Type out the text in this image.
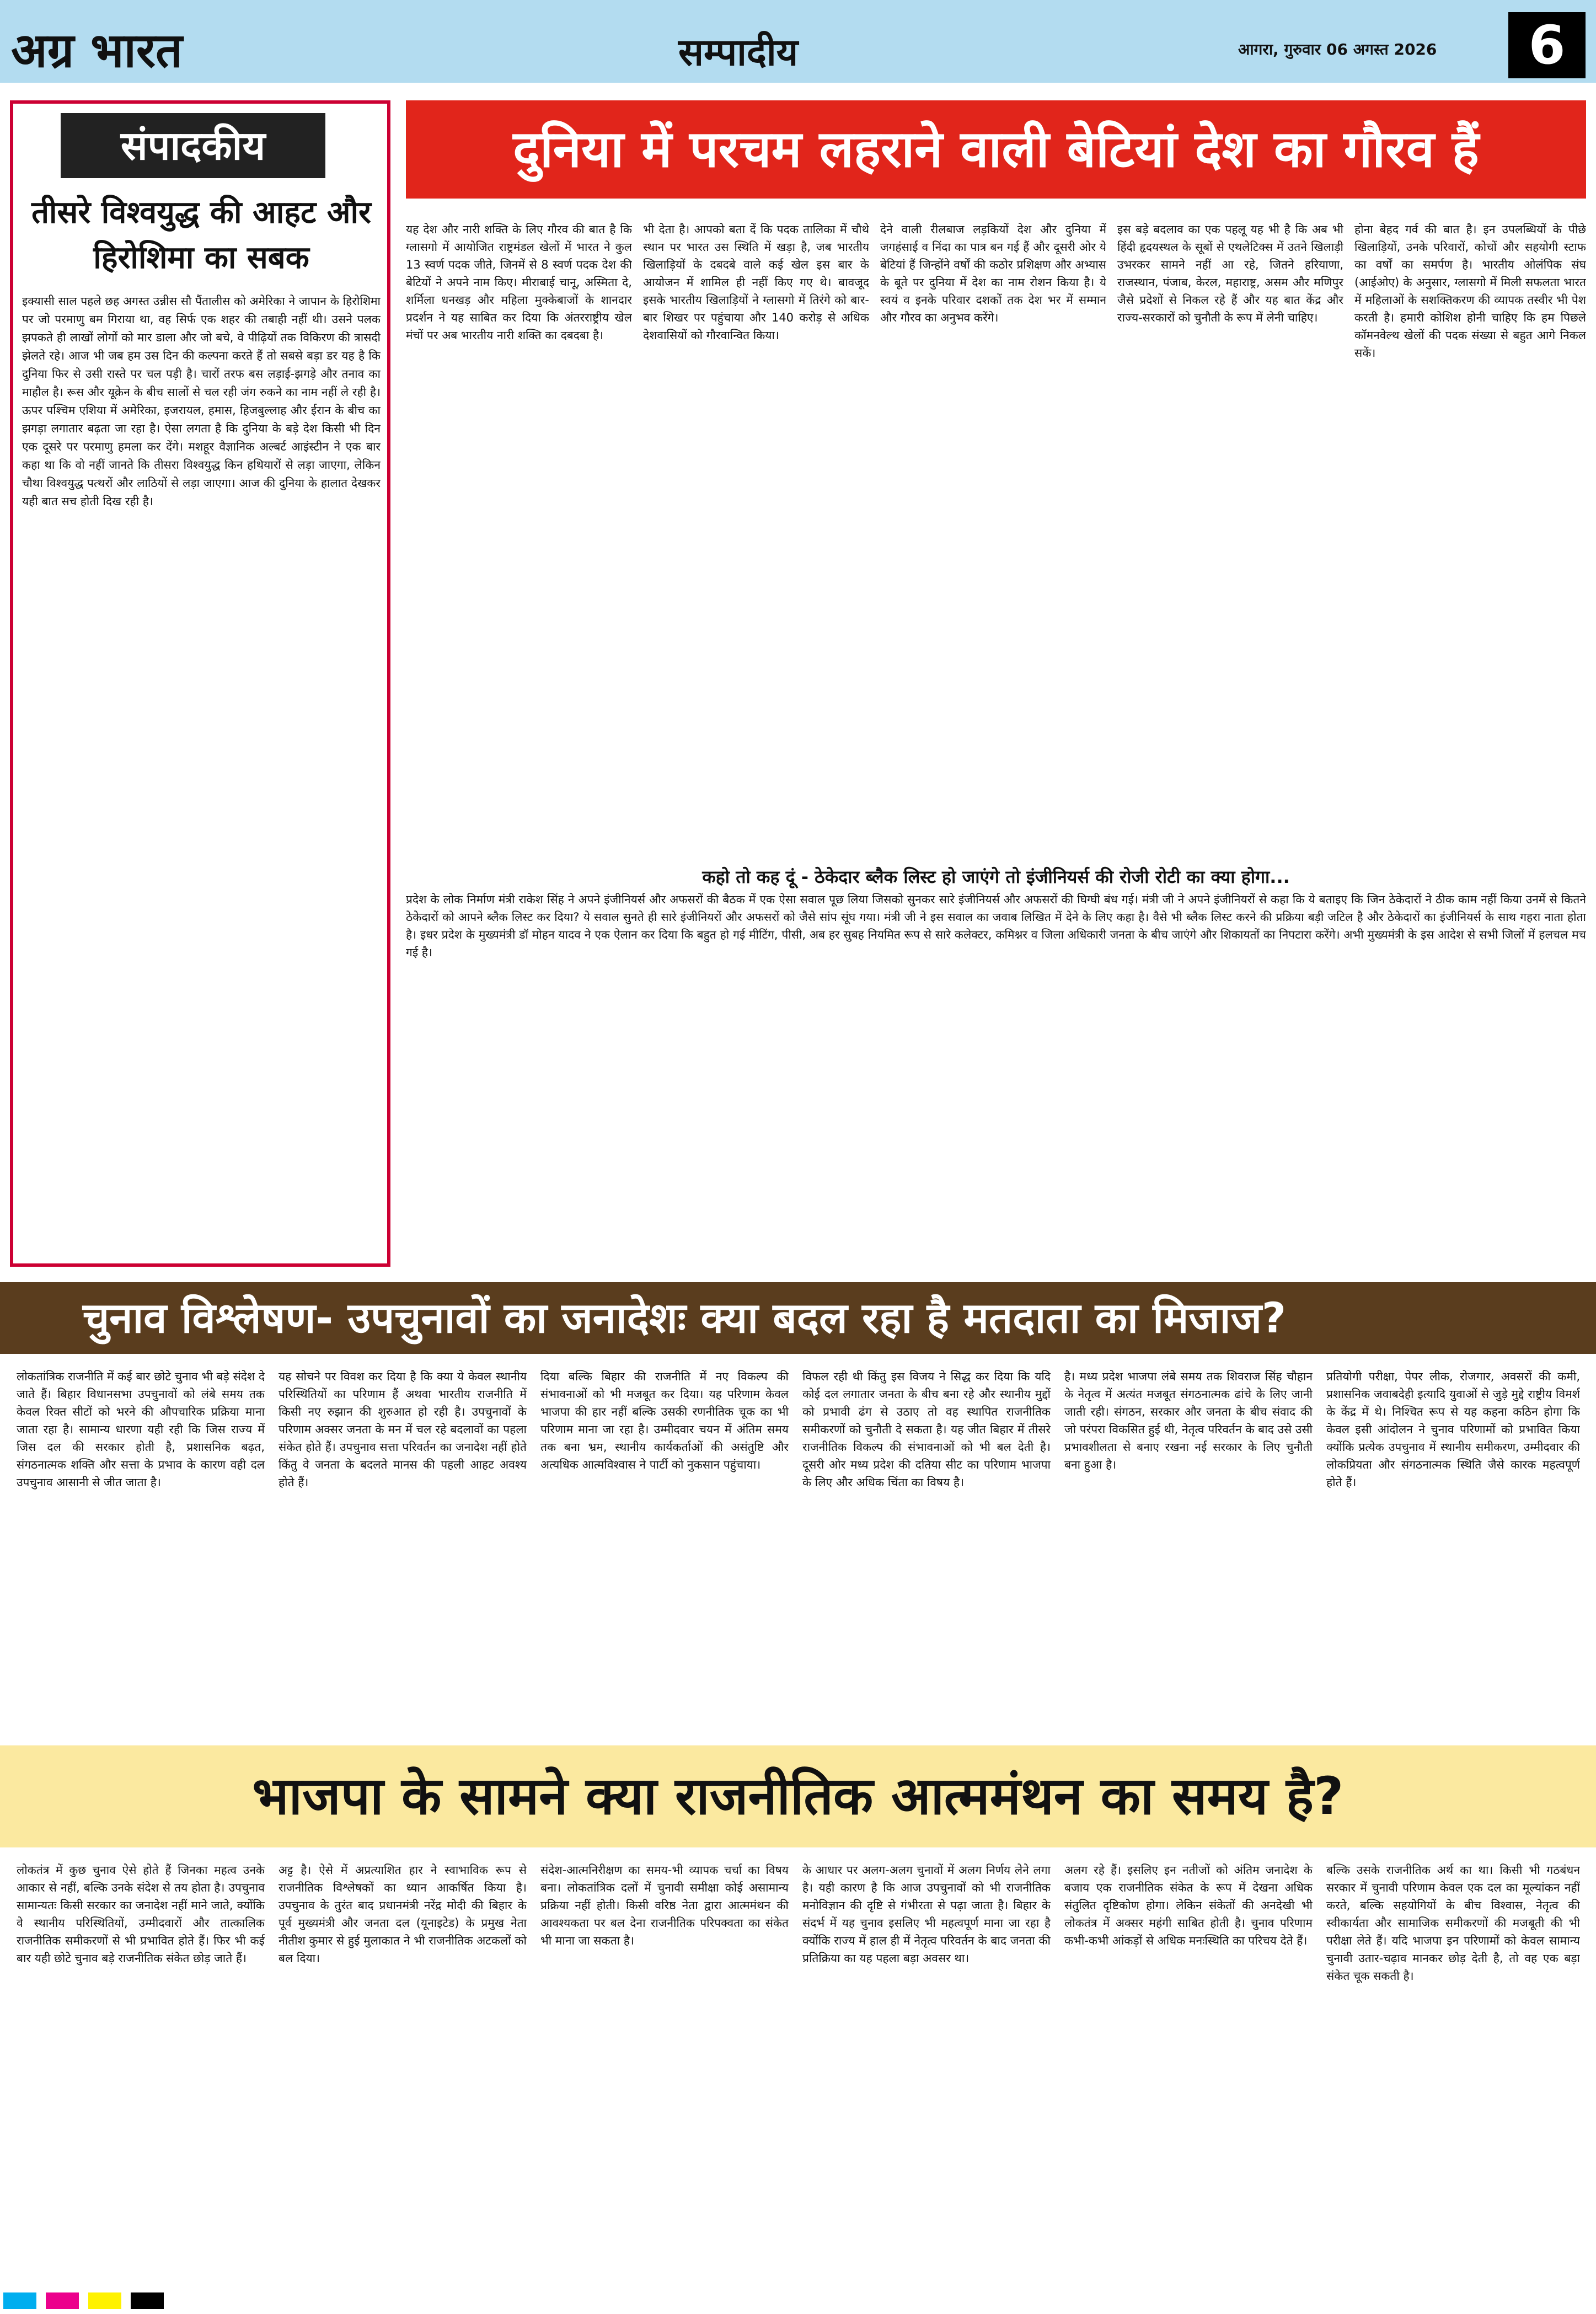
अग्र भारत	सम्पादीय	आगरा, गुरुवार 06 अगस्त 2026	6
संपादकीय
तीसरे विश्वयुद्ध की आहट और हिरोशिमा का सबक
इक्यासी साल पहले छह अगस्त उन्नीस सौ पैंतालीस को अमेरिका ने जापान के हिरोशिमा पर जो परमाणु बम गिराया था, वह सिर्फ एक शहर की तबाही नहीं थी। उसने पलक झपकते ही लाखों लोगों को मार डाला और जो बचे, वे पीढ़ियों तक विकिरण की त्रासदी झेलते रहे। आज भी जब हम उस दिन की कल्पना करते हैं तो सबसे बड़ा डर यह है कि दुनिया फिर से उसी रास्ते पर चल पड़ी है। चारों तरफ बस लड़ाई-झगड़े और तनाव का माहौल है। रूस और यूक्रेन के बीच सालों से चल रही जंग रुकने का नाम नहीं ले रही है। ऊपर पश्चिम एशिया में अमेरिका, इजरायल, हमास, हिजबुल्लाह और ईरान के बीच का झगड़ा लगातार बढ़ता जा रहा है। ऐसा लगता है कि दुनिया के बड़े देश किसी भी दिन एक दूसरे पर परमाणु हमला कर देंगे। मशहूर वैज्ञानिक अल्बर्ट आइंस्टीन ने एक बार कहा था कि वो नहीं जानते कि तीसरा विश्वयुद्ध किन हथियारों से लड़ा जाएगा, लेकिन चौथा विश्वयुद्ध पत्थरों और लाठियों से लड़ा जाएगा। आज की दुनिया के हालात देखकर यही बात सच होती दिख रही है।
दुनिया में परचम लहराने वाली बेटियां देश का गौरव हैं
यह देश और नारी शक्ति के लिए गौरव की बात है कि ग्लासगो में आयोजित राष्ट्रमंडल खेलों में भारत ने कुल 13 स्वर्ण पदक जीते, जिनमें से 8 स्वर्ण पदक देश की बेटियों ने अपने नाम किए। मीराबाई चानू, अस्मिता दे, शर्मिला धनखड़ और महिला मुक्केबाजों के शानदार प्रदर्शन ने यह साबित कर दिया कि अंतरराष्ट्रीय खेल मंचों पर अब भारतीय नारी शक्ति का दबदबा है।
भी देता है। आपको बता दें कि पदक तालिका में चौथे स्थान पर भारत उस स्थिति में खड़ा है, जब भारतीय खिलाड़ियों के दबदबे वाले कई खेल इस बार के आयोजन में शामिल ही नहीं किए गए थे। बावजूद इसके भारतीय खिलाड़ियों ने ग्लासगो में तिरंगे को बार-बार शिखर पर पहुंचाया और 140 करोड़ से अधिक देशवासियों को गौरवान्वित किया।
देने वाली रीलबाज लड़कियों देश और दुनिया में जगहंसाई व निंदा का पात्र बन गई हैं और दूसरी ओर ये बेटियां हैं जिन्होंने वर्षों की कठोर प्रशिक्षण और अभ्यास के बूते पर दुनिया में देश का नाम रोशन किया है। ये स्वयं व इनके परिवार दशकों तक देश भर में सम्मान और गौरव का अनुभव करेंगे।
इस बड़े बदलाव का एक पहलू यह भी है कि अब भी हिंदी हृदयस्थल के सूबों से एथलेटिक्स में उतने खिलाड़ी उभरकर सामने नहीं आ रहे, जितने हरियाणा, राजस्थान, पंजाब, केरल, महाराष्ट्र, असम और मणिपुर जैसे प्रदेशों से निकल रहे हैं और यह बात केंद्र और राज्य-सरकारों को चुनौती के रूप में लेनी चाहिए।
होना बेहद गर्व की बात है। इन उपलब्धियों के पीछे खिलाड़ियों, उनके परिवारों, कोचों और सहयोगी स्टाफ का वर्षों का समर्पण है। भारतीय ओलंपिक संघ (आईओए) के अनुसार, ग्लासगो में मिली सफलता भारत में महिलाओं के सशक्तिकरण की व्यापक तस्वीर भी पेश करती है। हमारी कोशिश होनी चाहिए कि हम पिछले कॉमनवेल्थ खेलों की पदक संख्या से बहुत आगे निकल सकें।
कहो तो कह दूं - ठेकेदार ब्लैक लिस्ट हो जाएंगे तो इंजीनियर्स की रोजी रोटी का क्या होगा...
प्रदेश के लोक निर्माण मंत्री राकेश सिंह ने अपने इंजीनियर्स और अफसरों की बैठक में एक ऐसा सवाल पूछ लिया जिसको सुनकर सारे इंजीनियर्स और अफसरों की घिग्घी बंध गई। मंत्री जी ने अपने इंजीनियरों से कहा कि ये बताइए कि जिन ठेकेदारों ने ठीक काम नहीं किया उनमें से कितने ठेकेदारों को आपने ब्लैक लिस्ट कर दिया? ये सवाल सुनते ही सारे इंजीनियरों और अफसरों को जैसे सांप सूंघ गया। मंत्री जी ने इस सवाल का जवाब लिखित में देने के लिए कहा है। वैसे भी ब्लैक लिस्ट करने की प्रक्रिया बड़ी जटिल है और ठेकेदारों का इंजीनियर्स के साथ गहरा नाता होता है। इधर प्रदेश के मुख्यमंत्री डॉ मोहन यादव ने एक ऐलान कर दिया कि बहुत हो गई मीटिंग, पीसी, अब हर सुबह नियमित रूप से सारे कलेक्टर, कमिश्नर व जिला अधिकारी जनता के बीच जाएंगे और शिकायतों का निपटारा करेंगे। अभी मुख्यमंत्री के इस आदेश से सभी जिलों में हलचल मच गई है।
चुनाव विश्लेषण- उपचुनावों का जनादेशः क्या बदल रहा है मतदाता का मिजाज?
लोकतांत्रिक राजनीति में कई बार छोटे चुनाव भी बड़े संदेश दे जाते हैं। बिहार विधानसभा उपचुनावों को लंबे समय तक केवल रिक्त सीटों को भरने की औपचारिक प्रक्रिया माना जाता रहा है। सामान्य धारणा यही रही कि जिस राज्य में जिस दल की सरकार होती है, प्रशासनिक बढ़त, संगठनात्मक शक्ति और सत्ता के प्रभाव के कारण वही दल उपचुनाव आसानी से जीत जाता है।
यह सोचने पर विवश कर दिया है कि क्या ये केवल स्थानीय परिस्थितियों का परिणाम हैं अथवा भारतीय राजनीति में किसी नए रुझान की शुरुआत हो रही है। उपचुनावों के परिणाम अक्सर जनता के मन में चल रहे बदलावों का पहला संकेत होते हैं। उपचुनाव सत्ता परिवर्तन का जनादेश नहीं होते किंतु वे जनता के बदलते मानस की पहली आहट अवश्य होते हैं।
दिया बल्कि बिहार की राजनीति में नए विकल्प की संभावनाओं को भी मजबूत कर दिया। यह परिणाम केवल भाजपा की हार नहीं बल्कि उसकी रणनीतिक चूक का भी परिणाम माना जा रहा है। उम्मीदवार चयन में अंतिम समय तक बना भ्रम, स्थानीय कार्यकर्ताओं की असंतुष्टि और अत्यधिक आत्मविश्वास ने पार्टी को नुकसान पहुंचाया।
विफल रही थी किंतु इस विजय ने सिद्ध कर दिया कि यदि कोई दल लगातार जनता के बीच बना रहे और स्थानीय मुद्दों को प्रभावी ढंग से उठाए तो वह स्थापित राजनीतिक समीकरणों को चुनौती दे सकता है। यह जीत बिहार में तीसरे राजनीतिक विकल्प की संभावनाओं को भी बल देती है। दूसरी ओर मध्य प्रदेश की दतिया सीट का परिणाम भाजपा के लिए और अधिक चिंता का विषय है।
है। मध्य प्रदेश भाजपा लंबे समय तक शिवराज सिंह चौहान के नेतृत्व में अत्यंत मजबूत संगठनात्मक ढांचे के लिए जानी जाती रही। संगठन, सरकार और जनता के बीच संवाद की जो परंपरा विकसित हुई थी, नेतृत्व परिवर्तन के बाद उसे उसी प्रभावशीलता से बनाए रखना नई सरकार के लिए चुनौती बना हुआ है।
प्रतियोगी परीक्षा, पेपर लीक, रोजगार, अवसरों की कमी, प्रशासनिक जवाबदेही इत्यादि युवाओं से जुड़े मुद्दे राष्ट्रीय विमर्श के केंद्र में थे। निश्चित रूप से यह कहना कठिन होगा कि केवल इसी आंदोलन ने चुनाव परिणामों को प्रभावित किया क्योंकि प्रत्येक उपचुनाव में स्थानीय समीकरण, उम्मीदवार की लोकप्रियता और संगठनात्मक स्थिति जैसे कारक महत्वपूर्ण होते हैं।
भाजपा के सामने क्या राजनीतिक आत्ममंथन का समय है?
लोकतंत्र में कुछ चुनाव ऐसे होते हैं जिनका महत्व उनके आकार से नहीं, बल्कि उनके संदेश से तय होता है। उपचुनाव सामान्यतः किसी सरकार का जनादेश नहीं माने जाते, क्योंकि वे स्थानीय परिस्थितियों, उम्मीदवारों और तात्कालिक राजनीतिक समीकरणों से भी प्रभावित होते हैं। फिर भी कई बार यही छोटे चुनाव बड़े राजनीतिक संकेत छोड़ जाते हैं।
अट्ट है। ऐसे में अप्रत्याशित हार ने स्वाभाविक रूप से राजनीतिक विश्लेषकों का ध्यान आकर्षित किया है। उपचुनाव के तुरंत बाद प्रधानमंत्री नरेंद्र मोदी की बिहार के पूर्व मुख्यमंत्री और जनता दल (यूनाइटेड) के प्रमुख नेता नीतीश कुमार से हुई मुलाकात ने भी राजनीतिक अटकलों को बल दिया।
संदेश-आत्मनिरीक्षण का समय-भी व्यापक चर्चा का विषय बना। लोकतांत्रिक दलों में चुनावी समीक्षा कोई असामान्य प्रक्रिया नहीं होती। किसी वरिष्ठ नेता द्वारा आत्ममंथन की आवश्यकता पर बल देना राजनीतिक परिपक्वता का संकेत भी माना जा सकता है।
के आधार पर अलग-अलग चुनावों में अलग निर्णय लेने लगा है। यही कारण है कि आज उपचुनावों को भी राजनीतिक मनोविज्ञान की दृष्टि से गंभीरता से पढ़ा जाता है। बिहार के संदर्भ में यह चुनाव इसलिए भी महत्वपूर्ण माना जा रहा है क्योंकि राज्य में हाल ही में नेतृत्व परिवर्तन के बाद जनता की प्रतिक्रिया का यह पहला बड़ा अवसर था।
अलग रहे हैं। इसलिए इन नतीजों को अंतिम जनादेश के बजाय एक राजनीतिक संकेत के रूप में देखना अधिक संतुलित दृष्टिकोण होगा। लेकिन संकेतों की अनदेखी भी लोकतंत्र में अक्सर महंगी साबित होती है। चुनाव परिणाम कभी-कभी आंकड़ों से अधिक मनःस्थिति का परिचय देते हैं।
बल्कि उसके राजनीतिक अर्थ का था। किसी भी गठबंधन सरकार में चुनावी परिणाम केवल एक दल का मूल्यांकन नहीं करते, बल्कि सहयोगियों के बीच विश्वास, नेतृत्व की स्वीकार्यता और सामाजिक समीकरणों की मजबूती की भी परीक्षा लेते हैं। यदि भाजपा इन परिणामों को केवल सामान्य चुनावी उतार-चढ़ाव मानकर छोड़ देती है, तो वह एक बड़ा संकेत चूक सकती है।
